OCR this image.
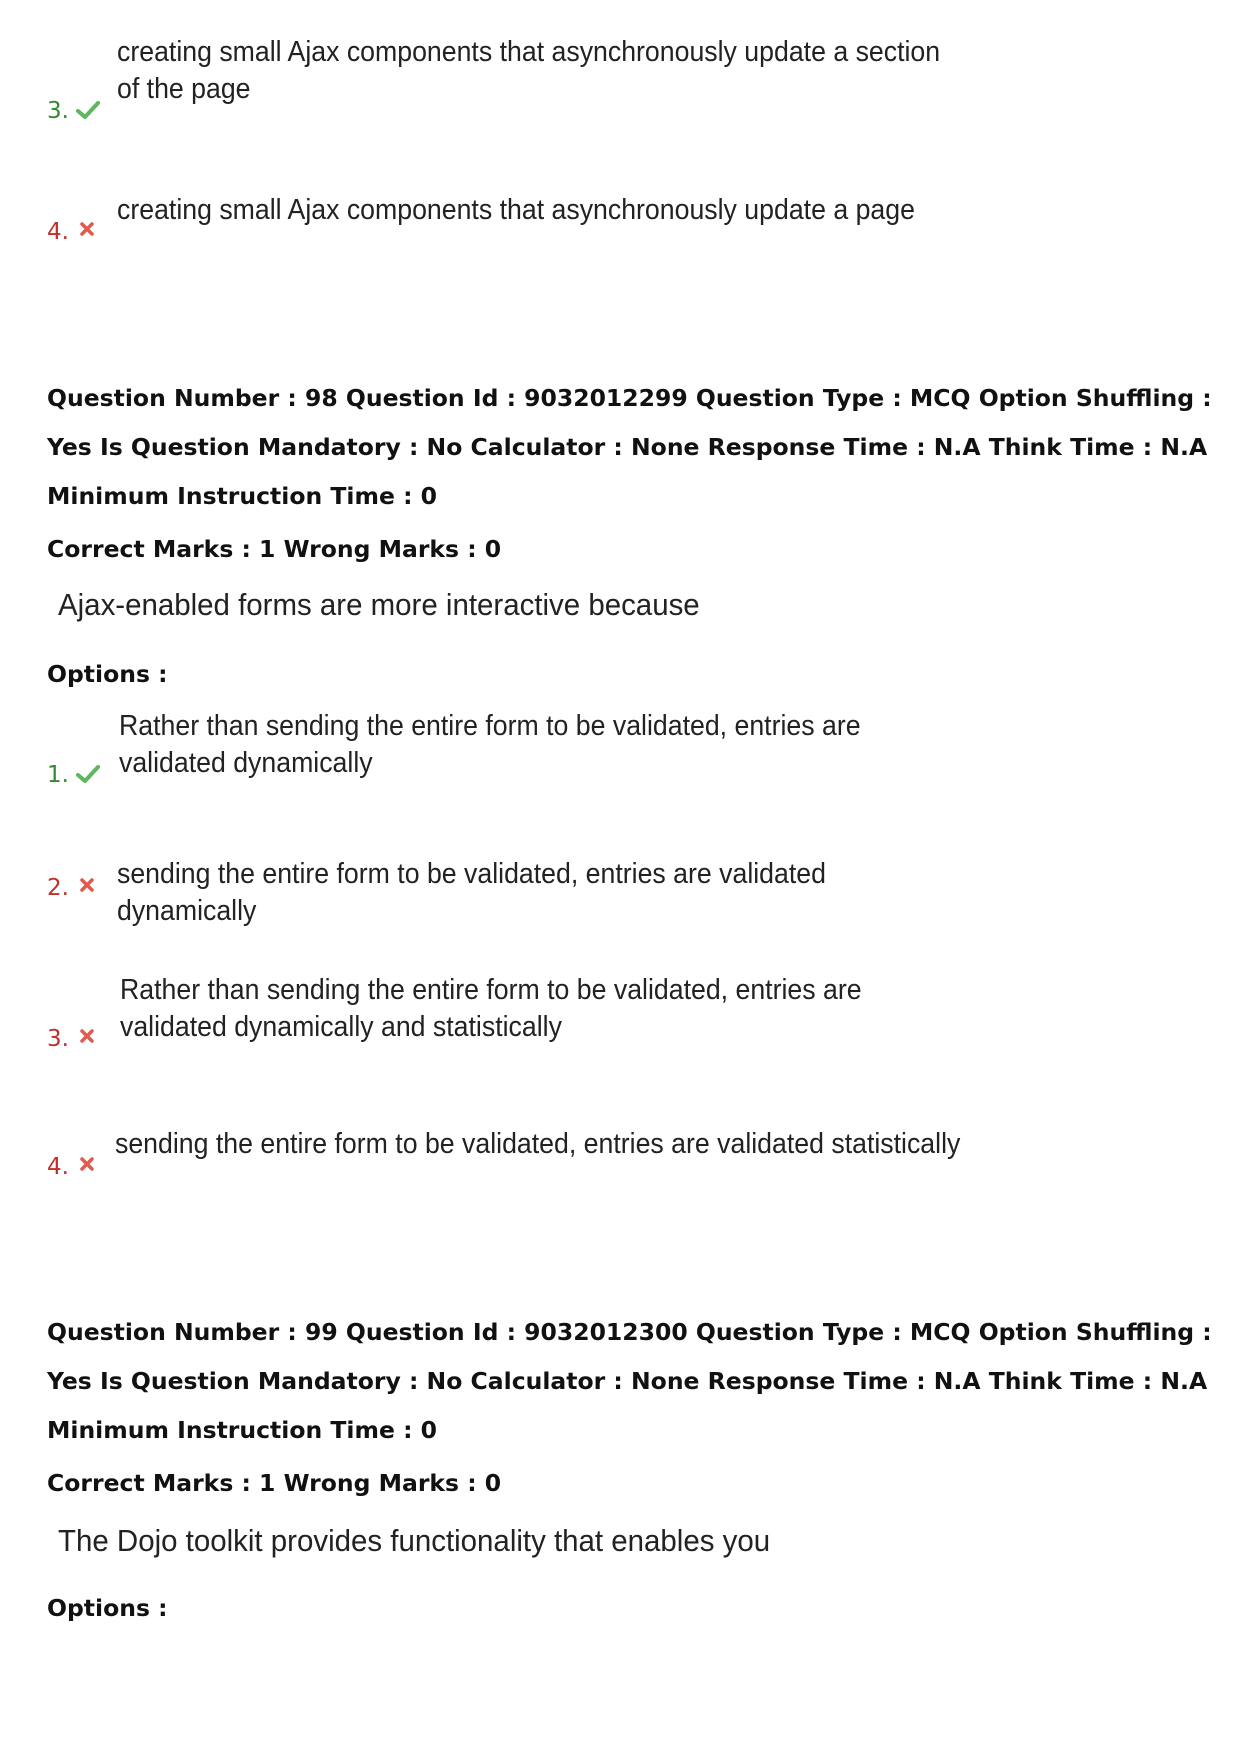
3.
creating small Ajax components that asynchronously update a section of the page
4.
creating small Ajax components that asynchronously update a page
Question Number : 98 Question Id : 9032012299 Question Type : MCQ Option Shuffling : Yes Is Question Mandatory : No Calculator : None Response Time : N.A Think Time : N.A Minimum Instruction Time : 0
Correct Marks : 1 Wrong Marks : 0
Ajax-enabled forms are more interactive because
Options :
1.
Rather than sending the entire form to be validated, entries are validated dynamically
2. sending the entire form to be validated, entries are validated dynamically
3.
Rather than sending the entire form to be validated, entries are validated dynamically and statistically
4.
sending the entire form to be validated, entries are validated statistically
Question Number : 99 Question Id : 9032012300 Question Type : MCQ Option Shuffling : Yes Is Question Mandatory : No Calculator : None Response Time : N.A Think Time : N.A Minimum Instruction Time : 0
Correct Marks : 1 Wrong Marks : 0
The Dojo toolkit provides functionality that enables you
Options :
